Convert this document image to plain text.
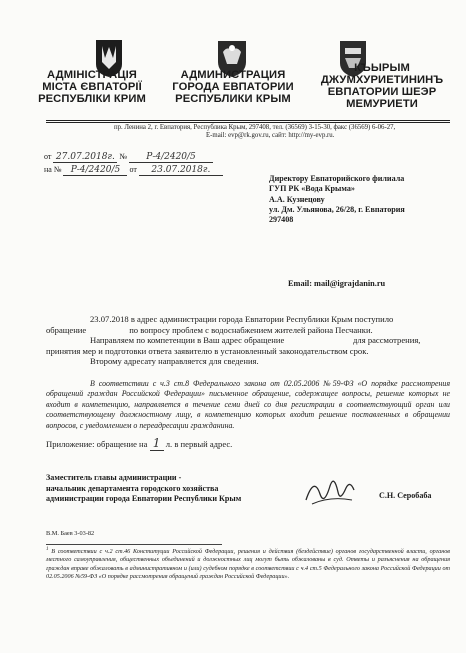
АДМІНІСТРАЦІЯ
МІСТА ЄВПАТОРІЇ
РЕСПУБЛІКИ КРИМ
АДМИНИСТРАЦИЯ
ГОРОДА ЕВПАТОРИИ
РЕСПУБЛИКИ КРЫМ
КЪЫРЫМ
ДЖУМХУРИЕТИНИНЪ
ЕВПАТОРИИ ШЕЭР
МЕМУРИЕТИ
пр. Ленина 2, г. Евпатория, Республика Крым, 297408, тел. (36569) 3-15-30, факс (36569) 6-06-27,
E-mail: evp@rk.gov.ru, сайт: http://my-evp.ru.
от 27.07.2018г. № Р-4/2420/5
на № Р-4/2420/5 от 23.07.2018г.
Директору Евпаторийского филиала
ГУП РК «Вода Крыма»
А.А. Кузнецову
ул. Дм. Ульянова, 26/28, г. Евпатория
297408
Email: mail@igrajdanin.ru

23.07.2018 в адрес администрации города Евпатории Республики Крым поступило

обращение                    по вопросу проблем с водоснабжением жителей района Песчанки.

Направляем по компетенции в Ваш адрес обращение                                для рассмотрения,

принятия мер и подготовки ответа заявителю в установленный законодательством срок.

Второму адресату направляется для сведения.

В соответствии с ч.3 ст.8 Федерального закона от 02.05.2006 №59-ФЗ «О порядке рассмотрения обращений граждан Российской Федерации» письменное обращение, содержащее вопросы, решение которых не входит в компетенцию, направляется в течение семи дней со дня регистрации в соответствующий орган или соответствующему должностному лицу, в компетенцию которых входит решение поставленных в обращении вопросов, с уведомлением о переадресации гражданина.

Приложение: обращение на 1 л. в первый адрес.
Заместитель главы администрации -
начальник департамента городского хозяйства
администрации города Евпатории Республики Крым	С.Н. Серобаба
В.М. Баев 3-03-82
$^1$ В соответствии с ч.2 ст.46 Конституции Российской Федерации, решения и действия (бездействие) органов государственной власти, органов местного самоуправления, общественных объединений и должностных лиц могут быть обжалованы в суд. Ответы и разъяснения на обращения граждан вправе обжаловать в административном и (или) судебном порядке в соответствии с ч.4 ст.5 Федерального закона Российской Федерации от 02.05.2006 №59-ФЗ «О порядке рассмотрения обращений граждан Российской Федерации».
